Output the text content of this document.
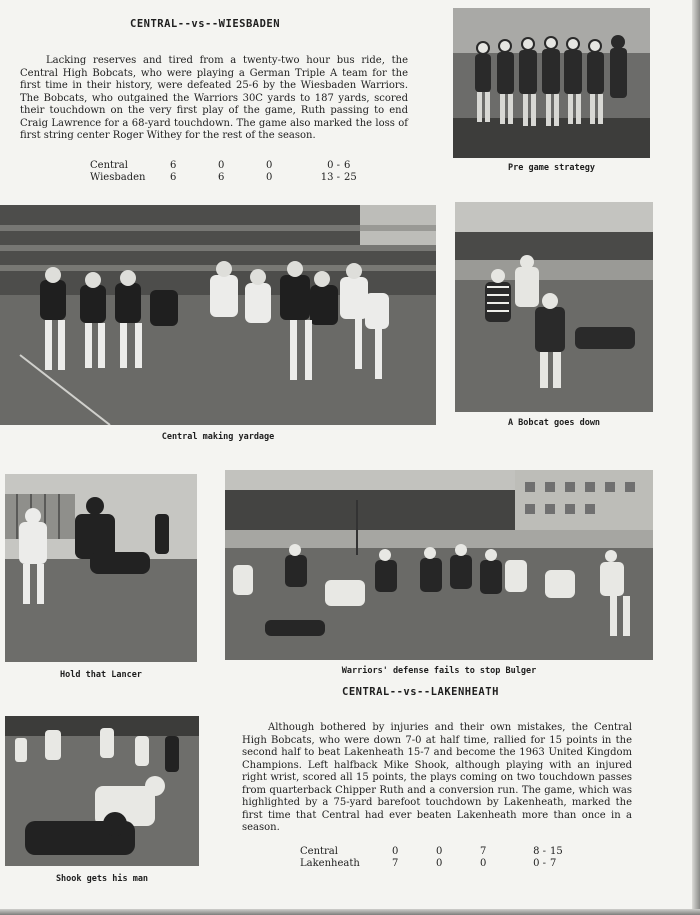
CENTRAL--vs--WIESBADEN
Lacking reserves and tired from a twenty-two hour bus ride, the Central High Bobcats, who were playing a German Triple A team for the first time in their history, were defeated 25-6 by the Wiesbaden Warriors. The Bobcats, who outgained the Warriors 30C yards to 187 yards, scored their touchdown on the very first play of the game, Ruth passing to end Craig Lawrence for a 68-yard touchdown. The game also marked the loss of first string center Roger Withey for the rest of the season.
Central	6	0	0	0 -	6
Wiesbaden	6	6	0	13 -	25
Pre game strategy
Central making yardage
A Bobcat goes down
Hold that Lancer	Warriors' defense fails to stop Bulger
CENTRAL--vs--LAKENHEATH
Shook gets his man
Although bothered by injuries and their own mistakes, the Central High Bobcats, who were down 7-0 at half time, rallied for 15 points in the second half to beat Lakenheath 15-7 and become the 1963 United Kingdom Champions. Left halfback Mike Shook, although playing with an injured right wrist, scored all 15 points, the plays coming on two touchdown passes from quarterback Chipper Ruth and a conversion run. The game, which was highlighted by a 75-yard barefoot touchdown by Lakenheath, marked the first time that Central had ever beaten Lakenheath more than once in a season.
Central	0	0	7	8 -	15
Lakenheath	7	0	0	0 -	7
